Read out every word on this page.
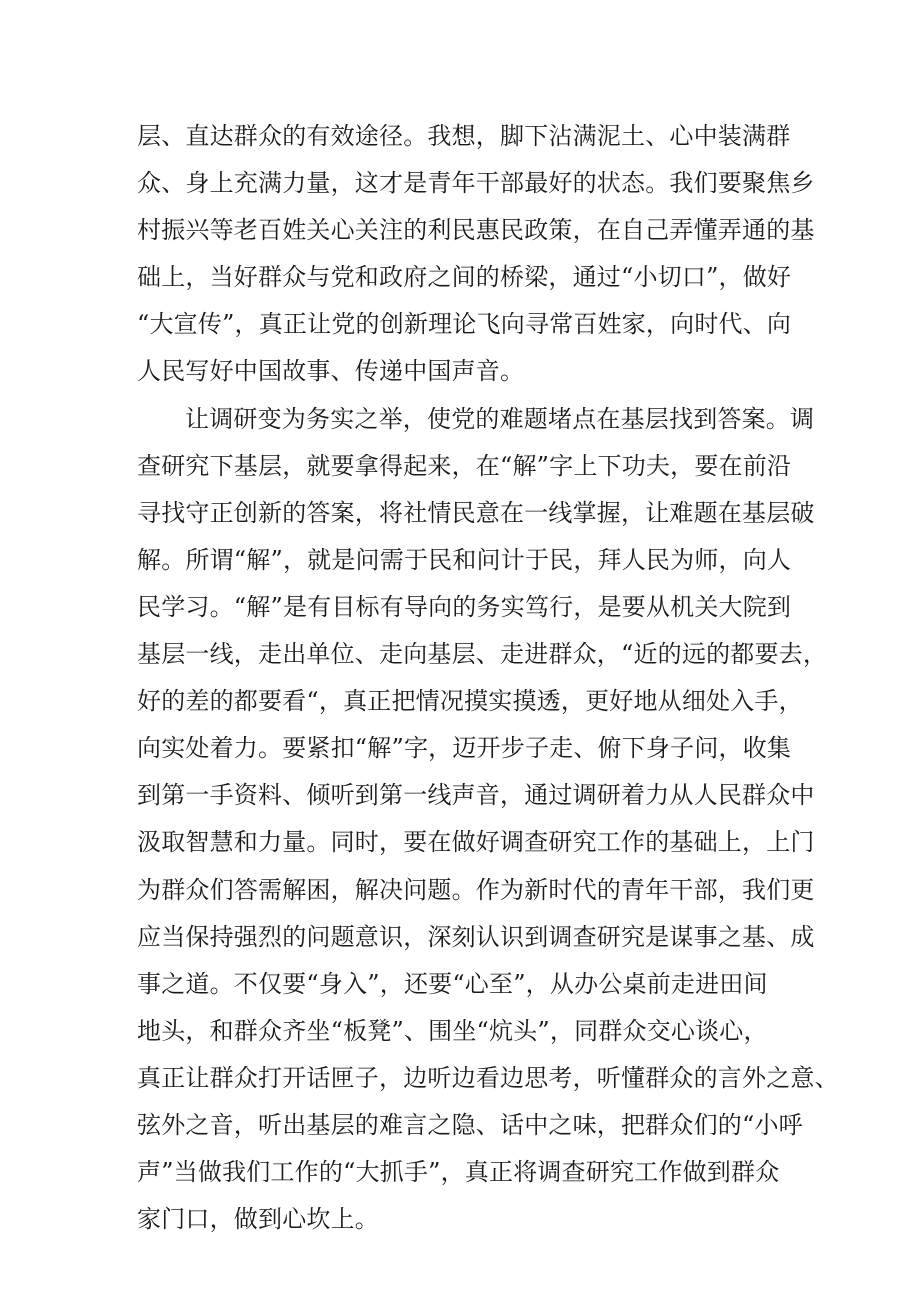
层、直达群众的有效途径。我想，脚下沾满泥土、心中装满群
众、身上充满力量，这才是青年干部最好的状态。我们要聚焦乡
村振兴等老百姓关心关注的利民惠民政策，在自己弄懂弄通的基
础上，当好群众与党和政府之间的桥梁，通过“小切口”，做好
“大宣传”，真正让党的创新理论飞向寻常百姓家，向时代、向
人民写好中国故事、传递中国声音。
让调研变为务实之举，使党的难题堵点在基层找到答案。调
查研究下基层，就要拿得起来，在“解”字上下功夫，要在前沿
寻找守正创新的答案，将社情民意在一线掌握，让难题在基层破
解。所谓“解”，就是问需于民和问计于民，拜人民为师，向人
民学习。“解”是有目标有导向的务实笃行，是要从机关大院到
基层一线，走出单位、走向基层、走进群众，“近的远的都要去，
好的差的都要看“，真正把情况摸实摸透，更好地从细处入手，
向实处着力。要紧扣“解”字，迈开步子走、俯下身子问，收集
到第一手资料、倾听到第一线声音，通过调研着力从人民群众中
汲取智慧和力量。同时，要在做好调查研究工作的基础上，上门
为群众们答需解困，解决问题。作为新时代的青年干部，我们更
应当保持强烈的问题意识，深刻认识到调查研究是谋事之基、成
事之道。不仅要“身入”，还要“心至”，从办公桌前走进田间
地头，和群众齐坐“板凳”、围坐“炕头”，同群众交心谈心，
真正让群众打开话匣子，边听边看边思考，听懂群众的言外之意、
弦外之音，听出基层的难言之隐、话中之味，把群众们的“小呼
声”当做我们工作的“大抓手”，真正将调查研究工作做到群众
家门口，做到心坎上。
